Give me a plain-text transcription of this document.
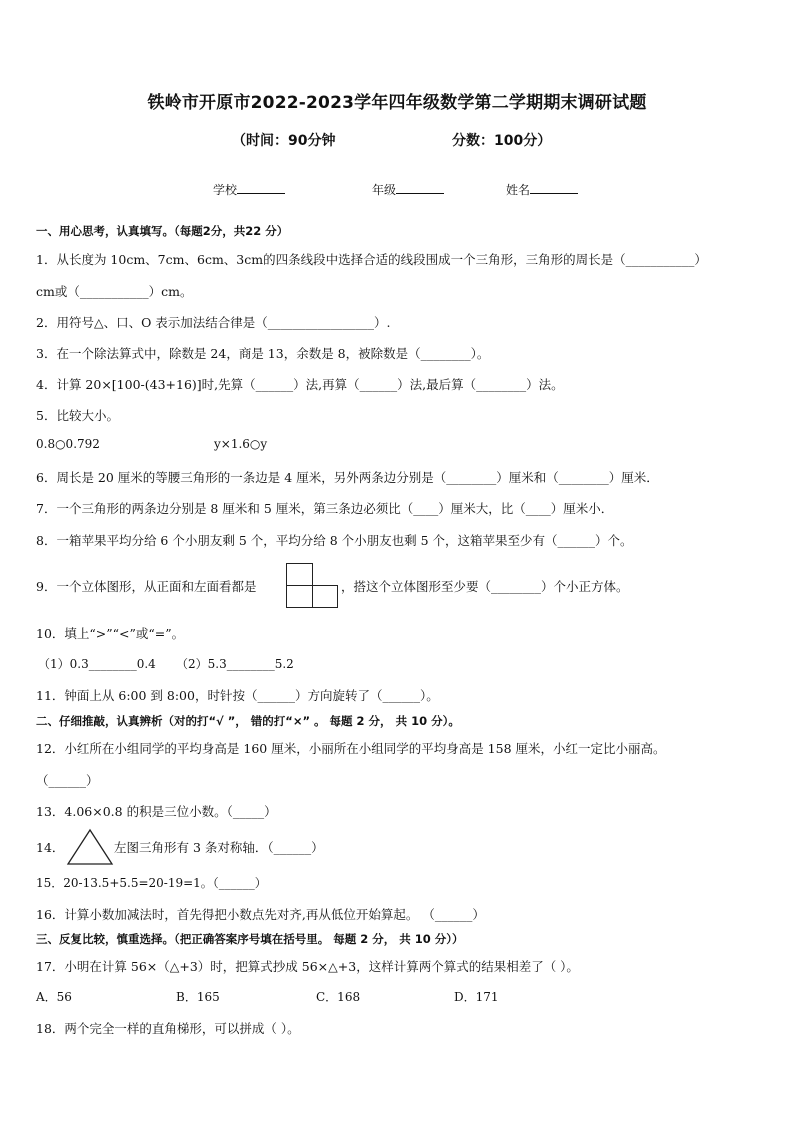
铁岭市开原市2022-2023学年四年级数学第二学期期末调研试题
（时间：90分钟	分数：100分）
学校	年级	姓名
一、用心思考，认真填写。（每题2分，共22 分）
1．从长度为 10cm、7cm、6cm、3cm的四条线段中选择合适的线段围成一个三角形，三角形的周长是（___________）
cm或（___________）cm。
2．用符号△、口、O 表示加法结合律是（_________________）.
3．在一个除法算式中，除数是 24，商是 13，余数是 8，被除数是（________）。
4．计算 20×[100-(43+16)]时,先算（______）法,再算（______）法,最后算（________）法。
5．比较大小。
0.8○0.792	y×1.6○y
6．周长是 20 厘米的等腰三角形的一条边是 4 厘米，另外两条边分别是（________）厘米和（________）厘米．
7．一个三角形的两条边分别是 8 厘米和 5 厘米，第三条边必须比（____）厘米大，比（____）厘米小．
8．一箱苹果平均分给 6 个小朋友剩 5 个，平均分给 8 个小朋友也剩 5 个，这箱苹果至少有（______）个。
9．一个立体图形，从正面和左面看都是	，搭这个立体图形至少要（________）个小正方体。
10．填上“>”“<”或“=”。
（1）0.3________0.4 （2）5.3________5.2
11．钟面上从 6:00 到 8:00，时针按（______）方向旋转了（______）。
二、仔细推敲，认真辨析（对的打“√ ”， 错的打“×” 。 每题 2 分， 共 10 分）。
12．小红所在小组同学的平均身高是 160 厘米，小丽所在小组同学的平均身高是 158 厘米，小红一定比小丽高。
（______）
13．4.06×0.8 的积是三位小数。（_____）
14．	左图三角形有 3 条对称轴．（______）
15．20-13.5+5.5=20-19=1。（______）
16．计算小数加减法时，首先得把小数点先对齐,再从低位开始算起。 （______）
三、反复比较，慎重选择。（把正确答案序号填在括号里。 每题 2 分， 共 10 分））
17．小明在计算 56×（△+3）时，把算式抄成 56×△+3，这样计算两个算式的结果相差了（ ）。
A．56	B．165	C．168	D．171
18．两个完全一样的直角梯形，可以拼成（ ）。
